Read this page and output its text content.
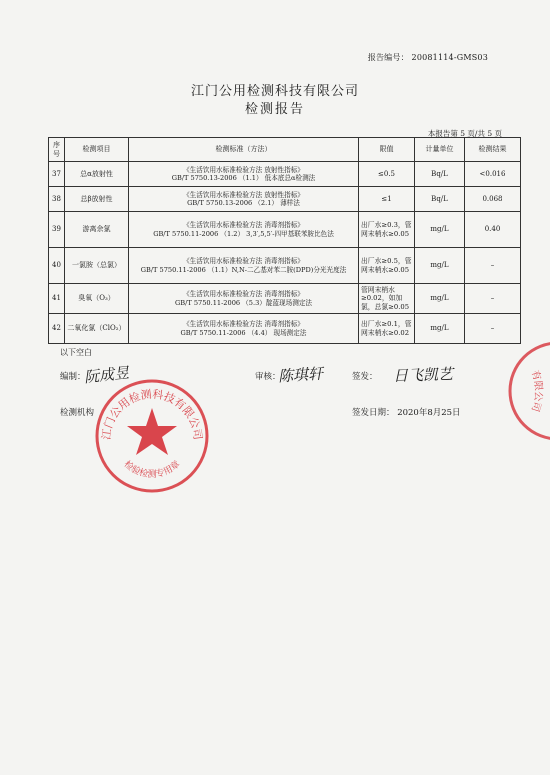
报告编号： 20081114-GMS03
江门公用检测科技有限公司
检测报告
本报告第 5 页/共 5 页
序号	检测项目	检测标准（方法）	限值	计量单位	检测结果
37	总α放射性	《生活饮用水标准检验方法 放射性指标》
GB/T 5750.13-2006 （1.1） 低本底总α检测法	≤0.5	Bq/L	<0.016
38	总β放射性	《生活饮用水标准检验方法 放射性指标》
GB/T 5750.13-2006 （2.1） 薄样法	≤1	Bq/L	0.068
39	游离余氯	《生活饮用水标准检验方法 消毒剂指标》
GB/T 5750.11-2006 （1.2） 3,3′,5,5′-四甲基联苯胺比色法	出厂水≥0.3，管网末梢水≥0.05	mg/L	0.40
40	一氯胺（总氯）	《生活饮用水标准检验方法 消毒剂指标》
GB/T 5750.11-2006 （1.1）N,N-二乙基对苯二胺(DPD)分光光度法	出厂水≥0.5，管网末梢水≥0.05	mg/L	–
41	臭氧（O₃）	《生活饮用水标准检验方法 消毒剂指标》
GB/T 5750.11-2006 （5.3）靛蓝现场测定法	管网末梢水≥0.02，如加氯，总氯≥0.05	mg/L	–
42	二氧化氯（ClO₂）	《生活饮用水标准检验方法 消毒剂指标》
GB/T 5750.11-2006 （4.4） 现场测定法	出厂水≥0.1，管网末梢水≥0.02	mg/L	–
以下空白
编制：
阮成昱	审核：
陈琪轩	签发： 日飞凯艺
检测机构	签发日期： 2020年8月25日
江门公用检测科技有限公司
检验检测专用章
有限公司
